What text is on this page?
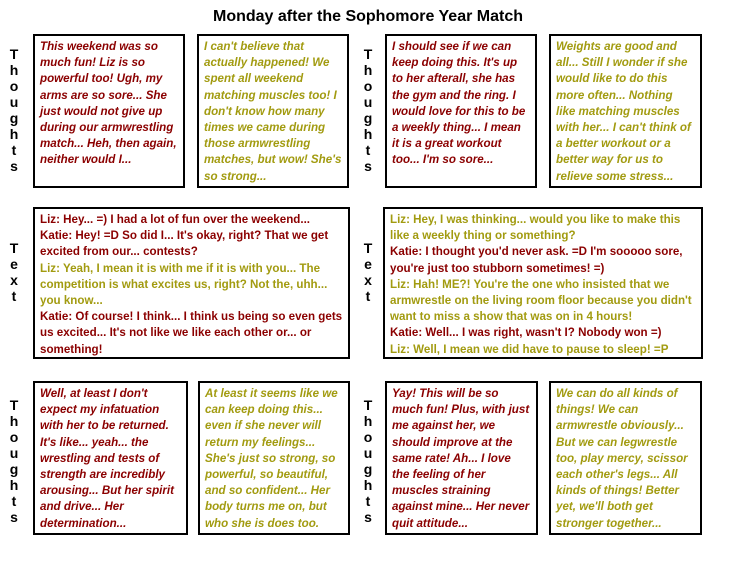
Monday after the Sophomore Year Match
T
h
o
u
g
h
t
s
T
h
o
u
g
h
t
s

This weekend was so much fun! Liz is so powerful too! Ugh, my arms are so sore... She just would not give up during our armwrestling match... Heh, then again, neither would I...

I can't believe that actually happened! We spent all weekend matching muscles too! I don't know how many times we came during those armwrestling matches, but wow! She's so strong...

I should see if we can keep doing this. It's up to her afterall, she has the gym and the ring. I would love for this to be a weekly thing... I mean it is a great workout too... I'm so sore...

Weights are good and all... Still I wonder if she would like to do this more often... Nothing like matching muscles with her... I can't think of a better workout or a better way for us to relieve some stress...

T
e
x
t
T
e
x
t

Liz: Hey... =) I had a lot of fun over the weekend...

Katie: Hey! =D So did I... It's okay, right? That we get excited from our... contests?

Liz: Yeah, I mean it is with me if it is with you... The competition is what excites us, right? Not the, uhh... you know...

Katie: Of course! I think... I think us being so even gets us excited... It's not like we like each other or... or something!

Liz: Hey, I was thinking... would you like to make this like a weekly thing or something?

Katie: I thought you'd never ask. =D I'm sooooo sore, you're just too stubborn sometimes! =)

Liz: Hah! ME?! You're the one who insisted that we armwrestle on the living room floor because you didn't want to miss a show that was on in 4 hours!

Katie: Well... I was right, wasn't I? Nobody won =)

Liz: Well, I mean we did have to pause to sleep! =P

T
h
o
u
g
h
t
s
T
h
o
u
g
h
t
s

Well, at least I don't expect my infatuation with her to be returned. It's like... yeah... the wrestling and tests of strength are incredibly arousing... But her spirit and drive... Her determination...

At least it seems like we can keep doing this... even if she never will return my feelings... She's just so strong, so powerful, so beautiful, and so confident... Her body turns me on, but who she is does too.

Yay! This will be so much fun! Plus, with just me against her, we should improve at the same rate! Ah... I love the feeling of her muscles straining against mine... Her never quit attitude...

We can do all kinds of things! We can armwrestle obviously... But we can legwrestle too, play mercy, scissor each other's legs... All kinds of things! Better yet, we'll both get stronger together...
